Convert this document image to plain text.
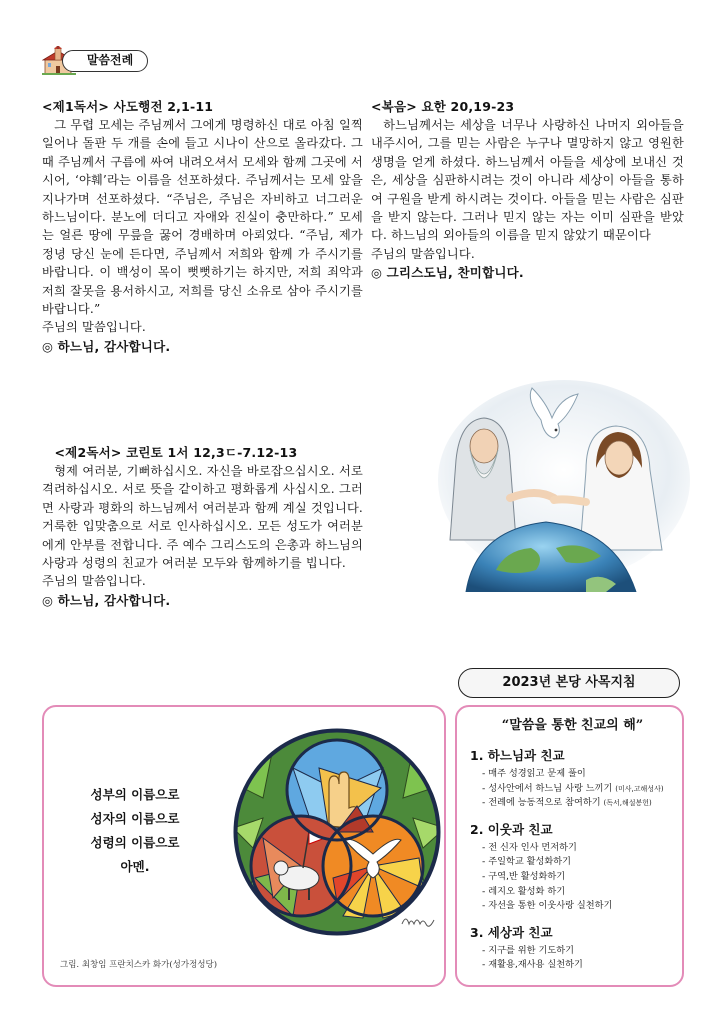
말씀전례

<제1독서> 사도행전 2,1-11

그 무렵 모세는 주님께서 그에게 명령하신 대로 아침 일찍 일어나 돌판 두 개를 손에 들고 시나이 산으로 올라갔다. 그때 주님께서 구름에 싸여 내려오셔서 모세와 함께 그곳에 서시어, ‘야훼’라는 이름을 선포하셨다. 주님께서는 모세 앞을 지나가며 선포하셨다. “주님은, 주님은 자비하고 너그러운 하느님이다. 분노에 더디고 자애와 진실이 충만하다.” 모세는 얼른 땅에 무릎을 꿇어 경배하며 아뢰었다. “주님, 제가 정녕 당신 눈에 든다면, 주님께서 저희와 함께 가 주시기를 바랍니다. 이 백성이 목이 뻣뻣하기는 하지만, 저희 죄악과 저희 잘못을 용서하시고, 저희를 당신 소유로 삼아 주시기를 바랍니다.”

주님의 말씀입니다.

◎ 하느님, 감사합니다.

<제2독서> 코린토 1서 12,3ㄷ-7.12-13

형제 여러분, 기뻐하십시오. 자신을 바로잡으십시오. 서로 격려하십시오. 서로 뜻을 같이하고 평화롭게 사십시오. 그러면 사랑과 평화의 하느님께서 여러분과 함께 계실 것입니다. 거룩한 입맞춤으로 서로 인사하십시오. 모든 성도가 여러분에게 안부를 전합니다. 주 예수 그리스도의 은총과 하느님의 사랑과 성령의 친교가 여러분 모두와 함께하기를 빕니다.

주님의 말씀입니다.

◎ 하느님, 감사합니다.

<복음> 요한 20,19-23

하느님께서는 세상을 너무나 사랑하신 나머지 외아들을 내주시어, 그를 믿는 사람은 누구나 멸망하지 않고 영원한 생명을 얻게 하셨다. 하느님께서 아들을 세상에 보내신 것은, 세상을 심판하시려는 것이 아니라 세상이 아들을 통하여 구원을 받게 하시려는 것이다. 아들을 믿는 사람은 심판을 받지 않는다. 그러나 믿지 않는 자는 이미 심판을 받았다. 하느님의 외아들의 이름을 믿지 않았기 때문이다

주님의 말씀입니다.

◎ 그리스도님, 찬미합니다.

2023년 본당 사목지침
성부의 이름으로
성자의 이름으로
성령의 이름으로
아멘.
그림. 최창임 프란치스카 화가(성가정성당)
“말씀을 통한 친교의 해”
1. 하느님과 친교
- 매주 성경읽고 문제 풀이
- 성사안에서 하느님 사랑 느끼기 (미사,고해성사)
- 전례에 능동적으로 참여하기 (독서,해설봉헌)
2. 이웃과 친교
- 전 신자 인사 먼저하기
- 주일학교 활성화하기
- 구역,반 활성화하기
- 레지오 활성화 하기
- 자선을 통한 이웃사랑 실천하기
3. 세상과 친교
- 지구를 위한 기도하기
- 재활용,재사용 실천하기
